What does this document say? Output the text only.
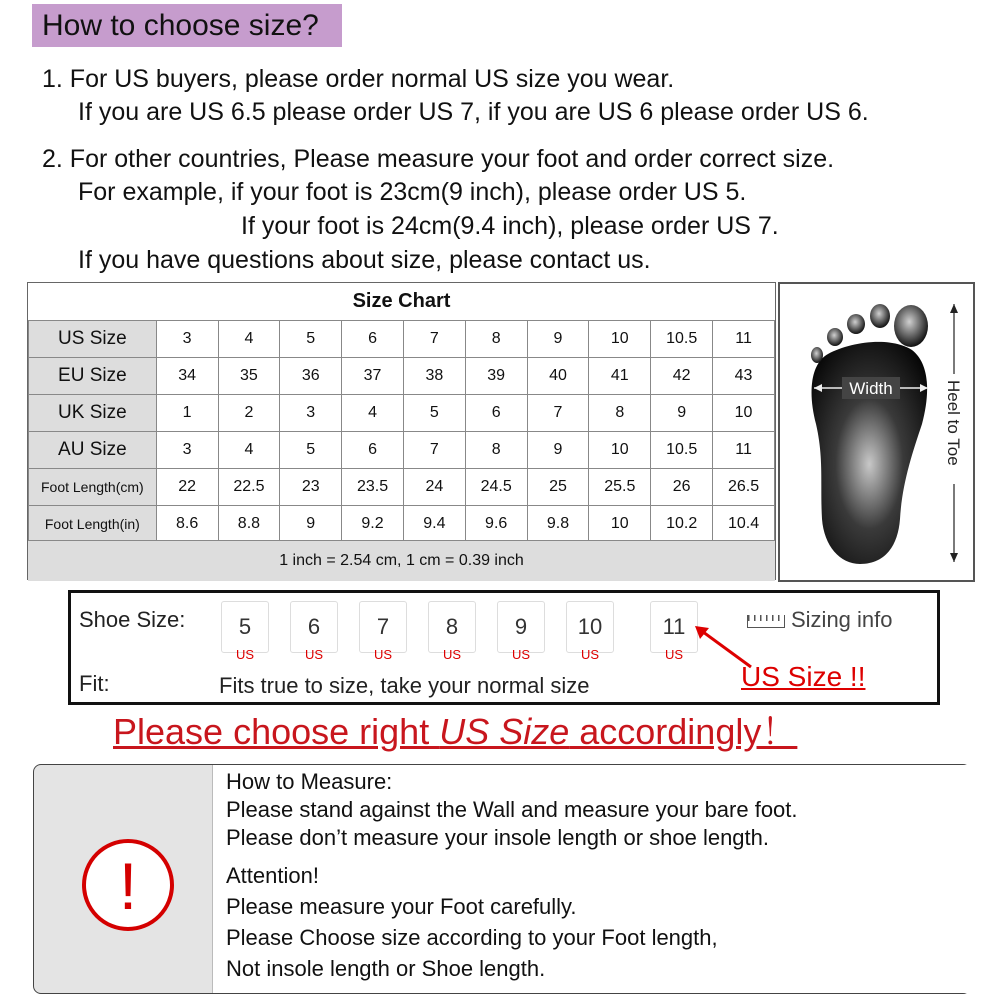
How to choose size?
1. For US buyers, please order normal US size you wear.
If you are US 6.5 please order US 7, if you are US 6 please order US 6.
2. For other countries, Please measure your foot and order correct size.
For example, if your foot is 23cm(9 inch), please order US 5.
If your foot is 24cm(9.4 inch), please order US 7.
If you have questions about size, please contact us.
Size Chart
US Size	3	4	5	6	7	8	9	10	10.5	11
EU Size	34	35	36	37	38	39	40	41	42	43
UK Size	1	2	3	4	5	6	7	8	9	10
AU Size	3	4	5	6	7	8	9	10	10.5	11
Foot Length(cm)	22	22.5	23	23.5	24	24.5	25	25.5	26	26.5
Foot Length(in)	8.6	8.8	9	9.2	9.4	9.6	9.8	10	10.2	10.4
1 inch = 2.54 cm, 1 cm = 0.39 inch
Width	Heel to Toe
Shoe Size:	5
US
6
US
7
US
8
US
9
US
10
US
11
US
Sizing info
Fit:	Fits true to size, take your normal size	US Size !!
Please choose right US Size accordingly！
!
How to Measure:
Please stand against the Wall and measure your bare foot.
Please don’t measure your insole length or shoe length.
Attention!
Please measure your Foot carefully.
Please Choose size according to your Foot length,
Not insole length or Shoe length.
